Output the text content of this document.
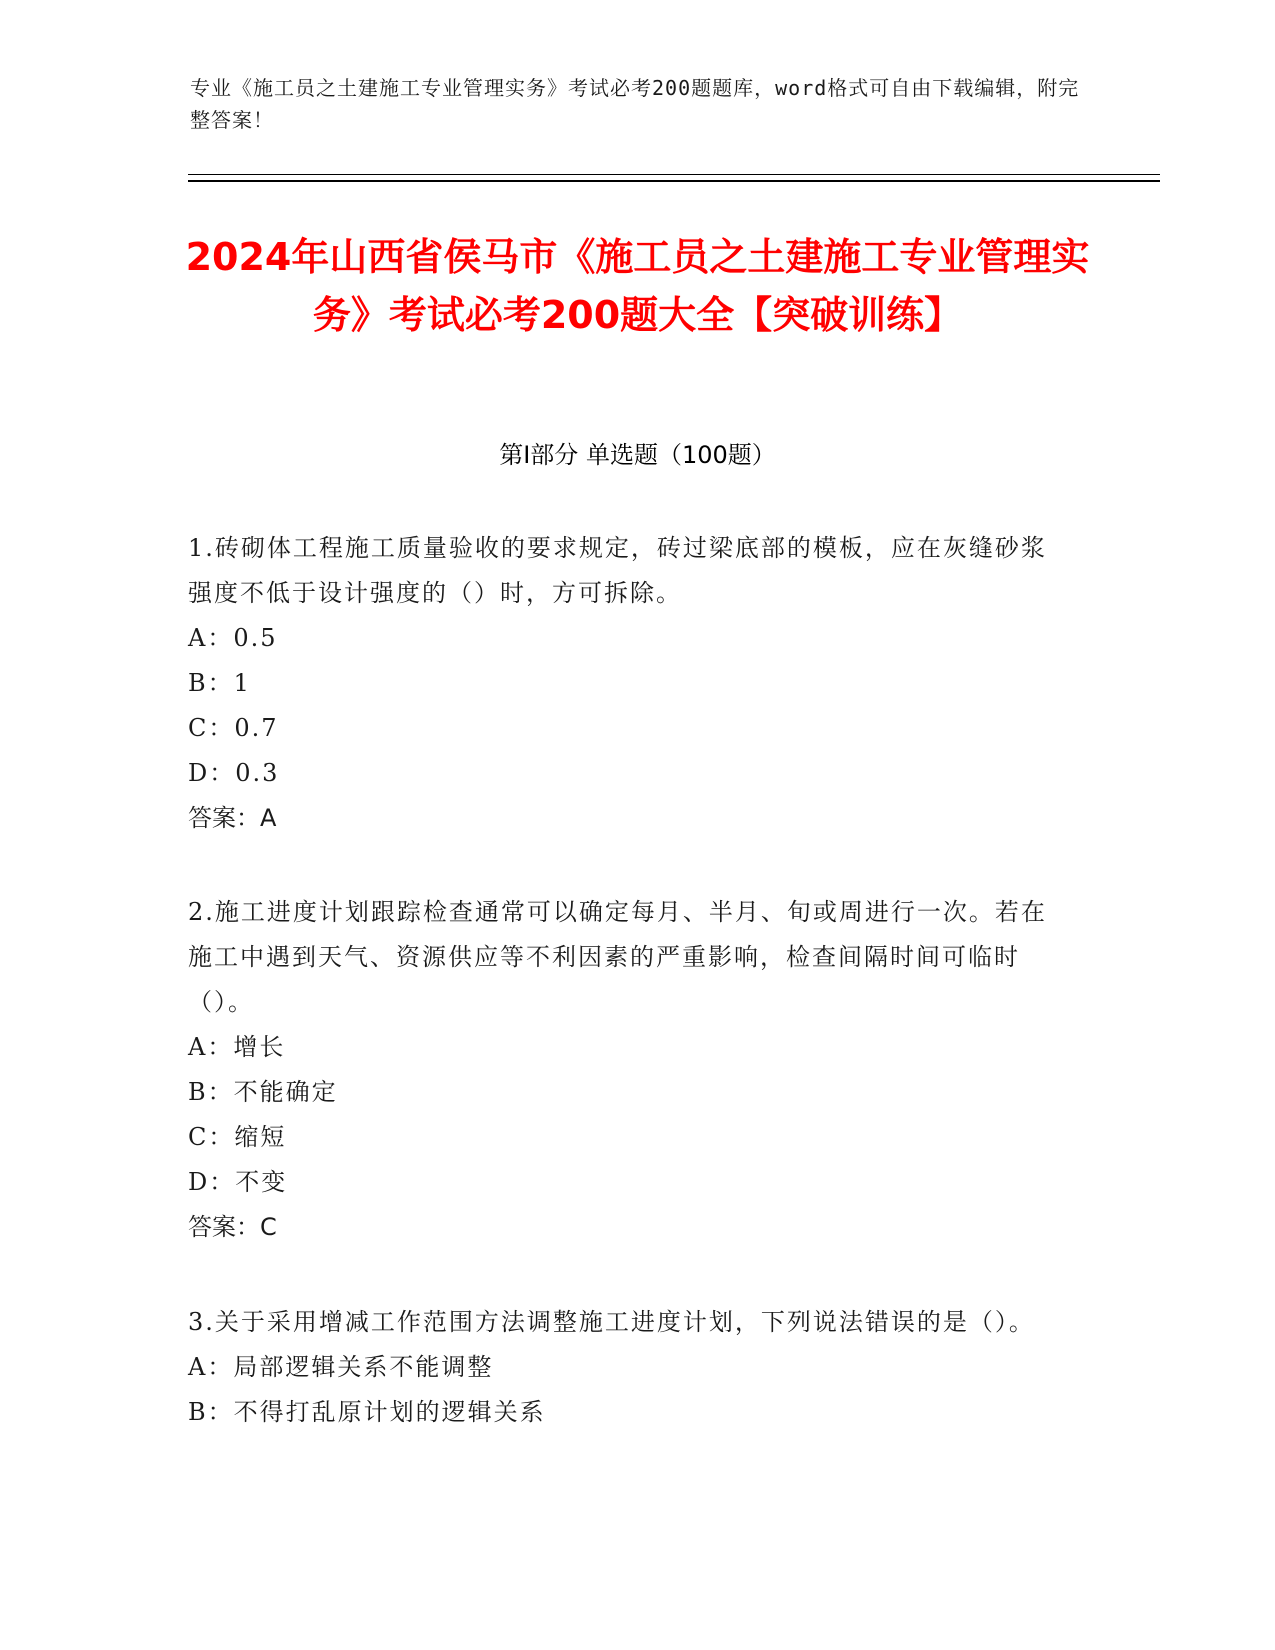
专业《施工员之土建施工专业管理实务》考试必考200题题库，word格式可自由下载编辑，附完整答案！
2024年山西省侯马市《施工员之土建施工专业管理实务》考试必考200题大全【突破训练】
第I部分 单选题（100题）
1.砖砌体工程施工质量验收的要求规定，砖过梁底部的模板，应在灰缝砂浆强度不低于设计强度的（）时，方可拆除。
A：0.5
B：1
C：0.7
D：0.3
答案：A
2.施工进度计划跟踪检查通常可以确定每月、半月、旬或周进行一次。若在施工中遇到天气、资源供应等不利因素的严重影响，检查间隔时间可临时（）。
A：增长
B：不能确定
C：缩短
D：不变
答案：C
3.关于采用增减工作范围方法调整施工进度计划，下列说法错误的是（）。
A：局部逻辑关系不能调整
B：不得打乱原计划的逻辑关系
